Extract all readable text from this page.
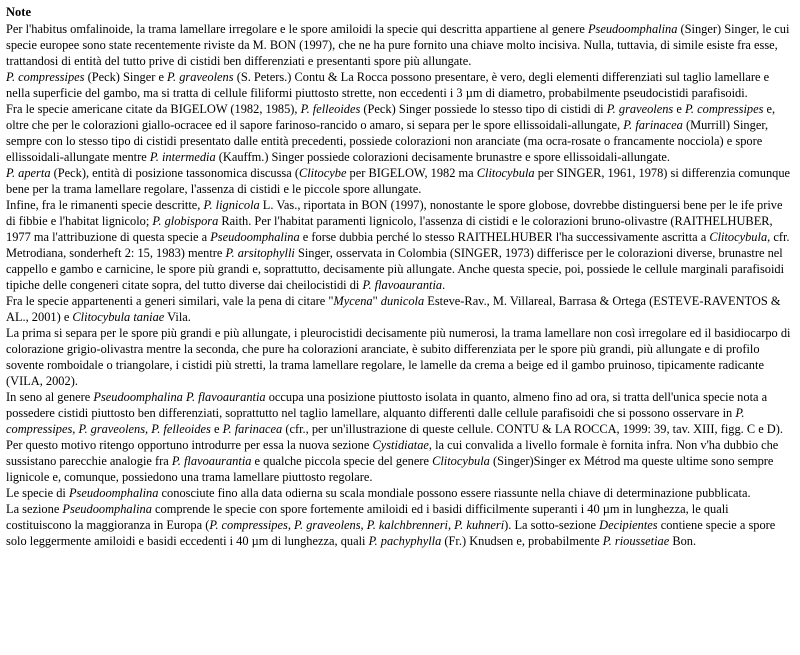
Note

Per l'habitus omfalinoide, la trama lamellare irregolare e le spore amiloidi la specie qui descritta appartiene al genere Pseudoomphalina (Singer) Singer, le cui specie europee sono state recentemente riviste da M. BON (1997), che ne ha pure fornito una chiave molto incisiva. Nulla, tuttavia, di simile esiste fra esse, trattandosi di entità del tutto prive di cistidi ben differenziati e presentanti spore più allungate.

P. compressipes (Peck) Singer e P. graveolens (S. Peters.) Contu & La Rocca possono presentare, è vero, degli elementi differenziati sul taglio lamellare e nella superficie del gambo, ma si tratta di cellule filiformi piuttosto strette, non eccedenti i 3 µm di diametro, probabilmente pseudocistidi parafisoidi.

Fra le specie americane citate da BIGELOW (1982, 1985), P. felleoides (Peck) Singer possiede lo stesso tipo di cistidi di P. graveolens e P. compressipes e, oltre che per le colorazioni giallo-ocracee ed il sapore farinoso-rancido o amaro, si separa per le spore ellissoidali-allungate, P. farinacea (Murrill) Singer, sempre con lo stesso tipo di cistidi presentato dalle entità precedenti, possiede colorazioni non aranciate (ma ocra-rosate o francamente nocciola) e spore ellissoidali-allungate mentre P. intermedia (Kauffm.) Singer possiede colorazioni decisamente brunastre e spore ellissoidali-allungate.

P. aperta (Peck), entità di posizione tassonomica discussa (Clitocybe per BIGELOW, 1982 ma Clitocybula per SINGER, 1961, 1978) si differenzia comunque bene per la trama lamellare regolare, l'assenza di cistidi e le piccole spore allungate.

Infine, fra le rimanenti specie descritte, P. lignicola L. Vas., riportata in BON (1997), nonostante le spore globose, dovrebbe distinguersi bene per le ife prive di fibbie e l'habitat lignicolo; P. globispora Raith. Per l'habitat paramenti lignicolo, l'assenza di cistidi e le colorazioni bruno-olivastre (RAITHELHUBER, 1977 ma l'attribuzione di questa specie a Pseudoomphalina e forse dubbia perché lo stesso RAITHELHUBER l'ha successivamente ascritta a Clitocybula, cfr. Metrodiana, sonderheft 2: 15, 1983) mentre P. arsitophylli Singer, osservata in Colombia (SINGER, 1973) differisce per le colorazioni diverse, brunastre nel cappello e gambo e carnicine, le spore più grandi e, soprattutto, decisamente più allungate. Anche questa specie, poi, possiede le cellule marginali parafisoidi tipiche delle congeneri citate sopra, del tutto diverse dai cheilocistidi di P. flavoaurantia.

Fra le specie appartenenti a generi similari, vale la pena di citare "Mycena" dunicola Esteve-Rav., M. Villareal, Barrasa & Ortega (ESTEVE-RAVENTOS & AL., 2001) e Clitocybula taniae Vila.

La prima si separa per le spore più grandi e più allungate, i pleurocistidi decisamente più numerosi, la trama lamellare non così irregolare ed il basidiocarpo di colorazione grigio-olivastra mentre la seconda, che pure ha colorazioni aranciate, è subito differenziata per le spore più grandi, più allungate e di profilo sovente romboidale o triangolare, i cistidi più stretti, la trama lamellare regolare, le lamelle da crema a beige ed il gambo pruinoso, tipicamente radicante (VILA, 2002).

In seno al genere Pseudoomphalina P. flavoaurantia occupa una posizione piuttosto isolata in quanto, almeno fino ad ora, si tratta dell'unica specie nota a possedere cistidi piuttosto ben differenziati, soprattutto nel taglio lamellare, alquanto differenti dalle cellule parafisoidi che si possono osservare in P. compressipes, P. graveolens, P. felleoides e P. farinacea (cfr., per un'illustrazione di queste cellule. CONTU & LA ROCCA, 1999: 39, tav. XIII, figg. C e D). Per questo motivo ritengo opportuno introdurre per essa la nuova sezione Cystidiatae, la cui convalida a livello formale è fornita infra. Non v'ha dubbio che sussistano parecchie analogie fra P. flavoaurantia e qualche piccola specie del genere Clitocybula (Singer)Singer ex Métrod ma queste ultime sono sempre lignicole e, comunque, possiedono una trama lamellare piuttosto regolare.

Le specie di Pseudoomphalina conosciute fino alla data odierna su scala mondiale possono essere riassunte nella chiave di determinazione pubblicata.

La sezione Pseudoomphalina comprende le specie con spore fortemente amiloidi ed i basidi difficilmente superanti i 40 µm in lunghezza, le quali costituiscono la maggioranza in Europa (P. compressipes, P. graveolens, P. kalchbrenneri, P. kuhneri). La sotto-sezione Decipientes contiene specie a spore solo leggermente amiloidi e basidi eccedenti i 40 µm di lunghezza, quali P. pachyphylla (Fr.) Knudsen e, probabilmente P. rioussetiae Bon.
